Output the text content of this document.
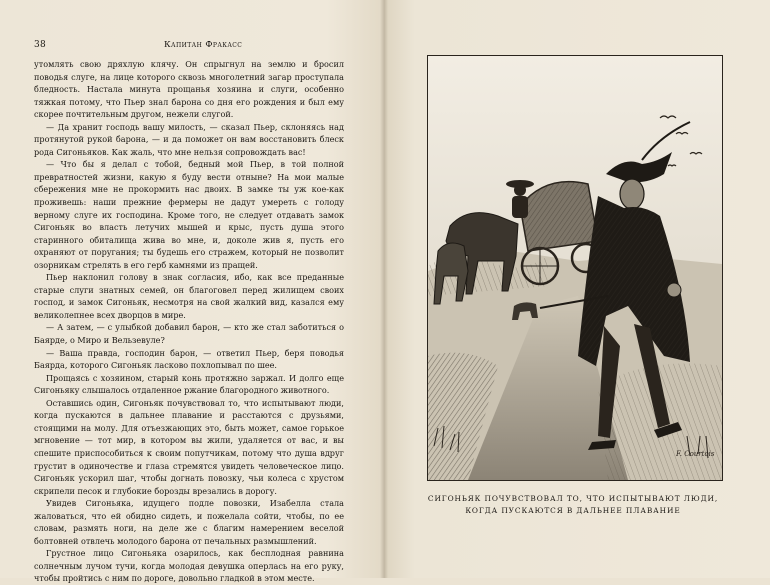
38	Капитан Фракасс

утомлять свою дряхлую клячу. Он спрыгнул на землю и бросил поводья слуге, на лице которого сквозь многолетний загар проступала бледность. Настала минута прощанья хозяина и слуги, особенно тяжкая потому, что Пьер знал барона со дня его рождения и был ему скорее почтительным другом, нежели слугой.

— Да хранит господь вашу милость, — сказал Пьер, склоняясь над протянутой рукой барона, — и да поможет он вам восстановить блеск рода Сигоньяков. Как жаль, что мне нельзя сопровождать вас!

— Что бы я делал с тобой, бедный мой Пьер, в той полной превратностей жизни, какую я буду вести отныне? На мои малые сбережения мне не прокормить нас двоих. В замке ты уж кое-как проживешь: наши прежние фермеры не дадут умереть с голоду верному слуге их господина. Кроме того, не следует отдавать замок Сигоньяк во власть летучих мышей и крыс, пусть душа этого старинного обиталища жива во мне, и, доколе жив я, пусть его охраняют от поругания; ты будешь его стражем, который не позволит озорникам стрелять в его герб камнями из пращей.

Пьер наклонил голову в знак согласия, ибо, как все преданные старые слуги знатных семей, он благоговел перед жилищем своих господ, и замок Сигоньяк, несмотря на свой жалкий вид, казался ему великолепнее всех дворцов в мире.

— А затем, — с улыбкой добавил барон, — кто же стал заботиться о Баярде, о Миро и Вельзевуле?

— Ваша правда, господин барон, — ответил Пьер, беря поводья Баярда, которого Сигоньяк ласково похлопывал по шее.

Прощаясь с хозяином, старый конь протяжно заржал. И долго еще Сигоньяку слышалось отдаленное ржание благородного животного.

Оставшись один, Сигоньяк почувствовал то, что испытывают люди, когда пускаются в дальнее плавание и расстаются с друзьями, стоящими на молу. Для отъезжающих это, быть может, самое горькое мгновение — тот мир, в котором вы жили, удаляется от вас, и вы спешите приспособиться к своим попутчикам, потому что душа вдруг грустит в одиночестве и глаза стремятся увидеть человеческое лицо. Сигоньяк ускорил шаг, чтобы догнать повозку, чьи колеса с хрустом скрипели песок и глубокие борозды врезались в дорогу.

Увидев Сигоньяка, идущего подле повозки, Изабелла стала жаловаться, что ей обидно сидеть, и пожелала сойти, чтобы, по ее словам, размять ноги, на деле же с благим намерением веселой болтовней отвлечь молодого барона от печальных размышлений.

Грустное лицо Сигоньяка озарилось, как бесплодная равнина солнечным лучом тучи, когда молодая девушка оперлась на его руку, чтобы пройтись с ним по дороге, довольно гладкой в этом месте.

F. Courtois
СИГОНЬЯК ПОЧУВСТВОВАЛ ТО, ЧТО ИСПЫТЫВАЮТ ЛЮДИ,
КОГДА ПУСКАЮТСЯ В ДАЛЬНЕЕ ПЛАВАНИЕ
